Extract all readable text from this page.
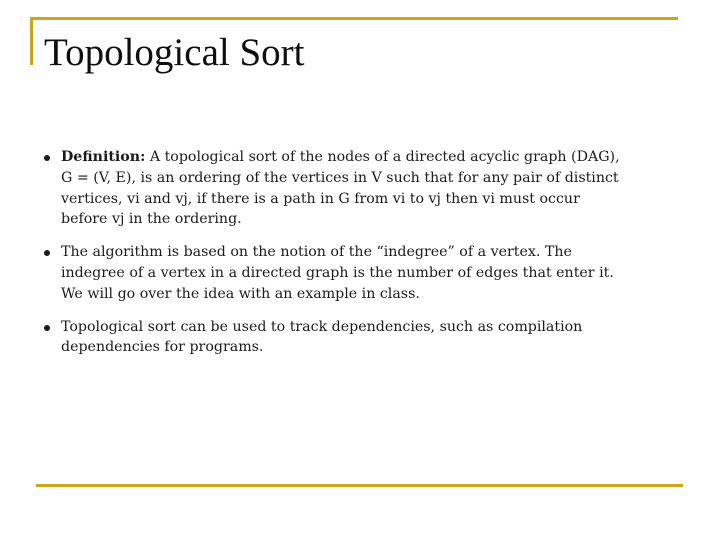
Topological Sort
Definition: A topological sort of the nodes of a directed acyclic graph (DAG), G = (V, E), is an ordering of the vertices in V such that for any pair of distinct vertices, vi and vj, if there is a path in G from vi to vj then vi must occur before vj in the ordering.
The algorithm is based on the notion of the “indegree” of a vertex. The indegree of a vertex in a directed graph is the number of edges that enter it. We will go over the idea with an example in class.
Topological sort can be used to track dependencies, such as compilation dependencies for programs.
